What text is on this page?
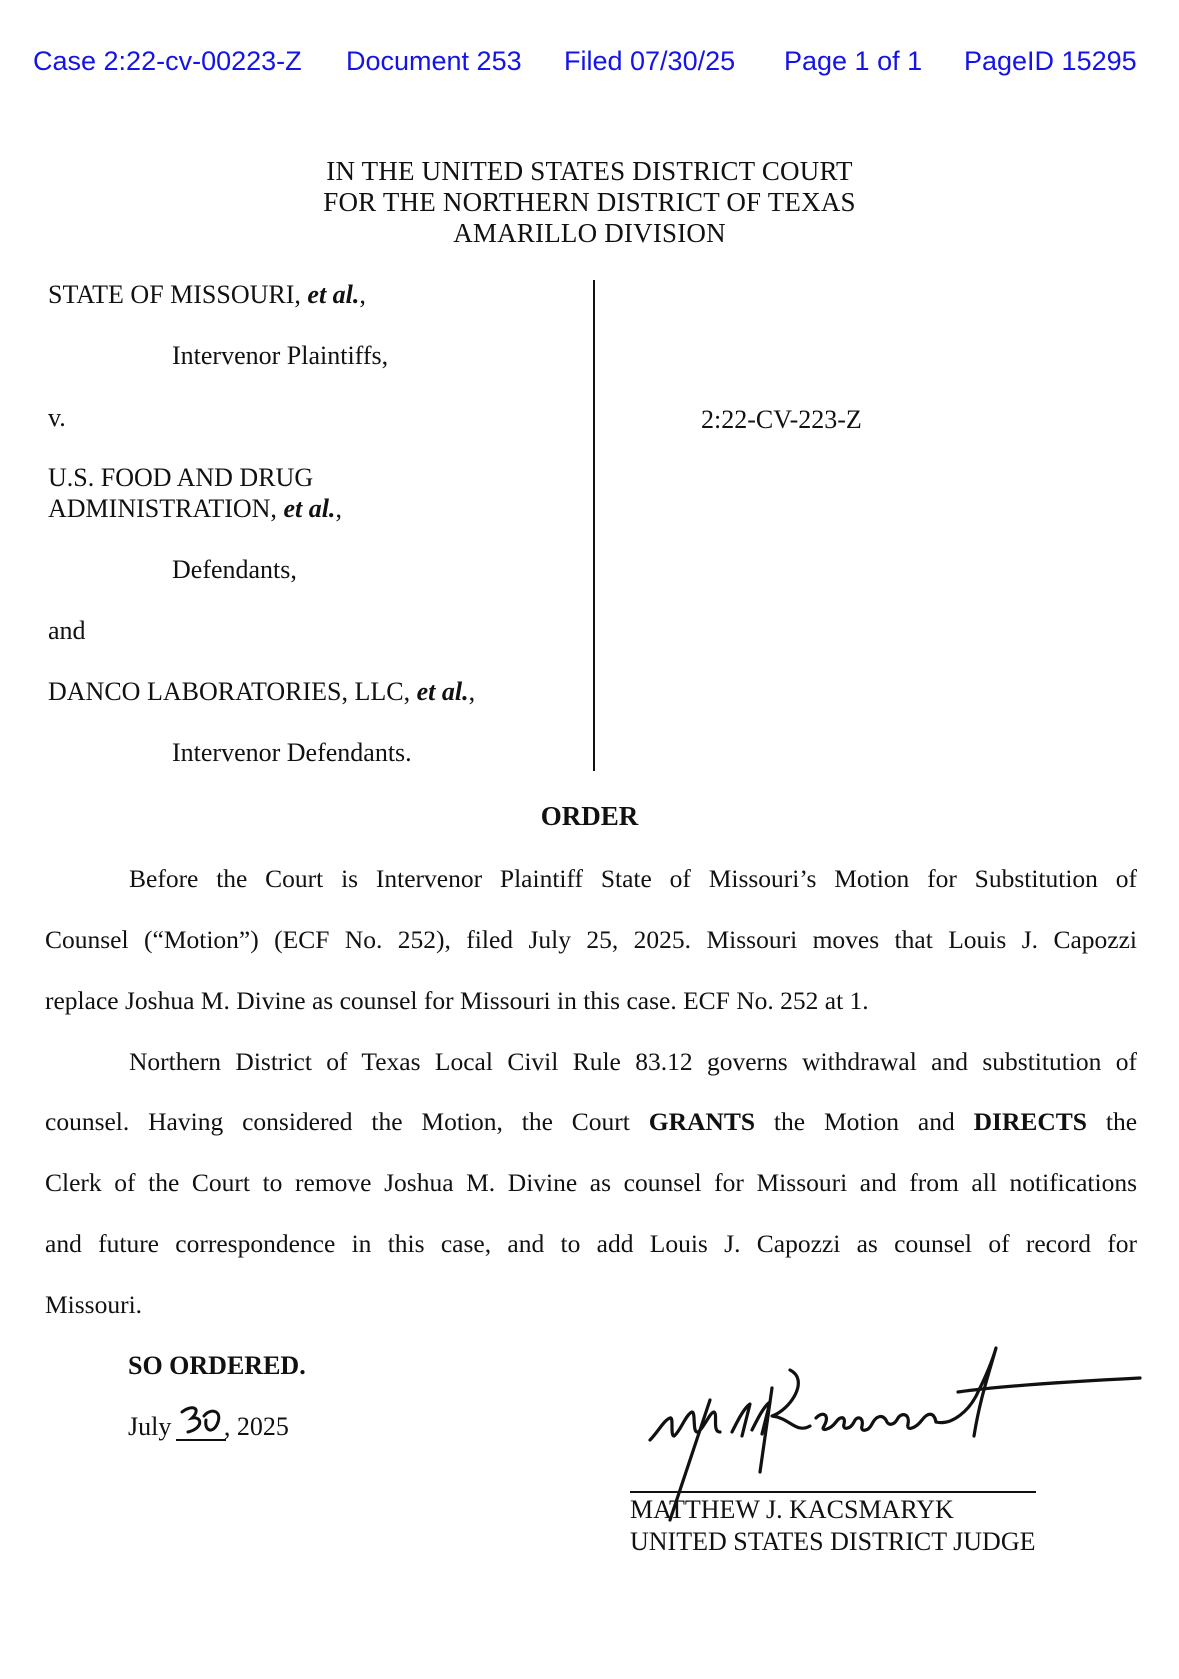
Case 2:22-cv-00223-Z Document 253 Filed 07/30/25 Page 1 of 1 PageID 15295
IN THE UNITED STATES DISTRICT COURT
FOR THE NORTHERN DISTRICT OF TEXAS
AMARILLO DIVISION
STATE OF MISSOURI, et al.,
Intervenor Plaintiffs,
v.
U.S. FOOD AND DRUG
ADMINISTRATION, et al.,
Defendants,
and
DANCO LABORATORIES, LLC, et al.,
Intervenor Defendants.
2:22-CV-223-Z
ORDER
Before the Court is Intervenor Plaintiff State of Missouri’s Motion for Substitution of
Counsel (“Motion”) (ECF No. 252), filed July 25, 2025. Missouri moves that Louis J. Capozzi
replace Joshua M. Divine as counsel for Missouri in this case. ECF No. 252 at 1.
Northern District of Texas Local Civil Rule 83.12 governs withdrawal and substitution of
counsel. Having considered the Motion, the Court GRANTS the Motion and DIRECTS the
Clerk of the Court to remove Joshua M. Divine as counsel for Missouri and from all notifications
and future correspondence in this case, and to add Louis J. Capozzi as counsel of record for
Missouri.
SO ORDERED.
July , 2025
MATTHEW J. KACSMARYK
UNITED STATES DISTRICT JUDGE
